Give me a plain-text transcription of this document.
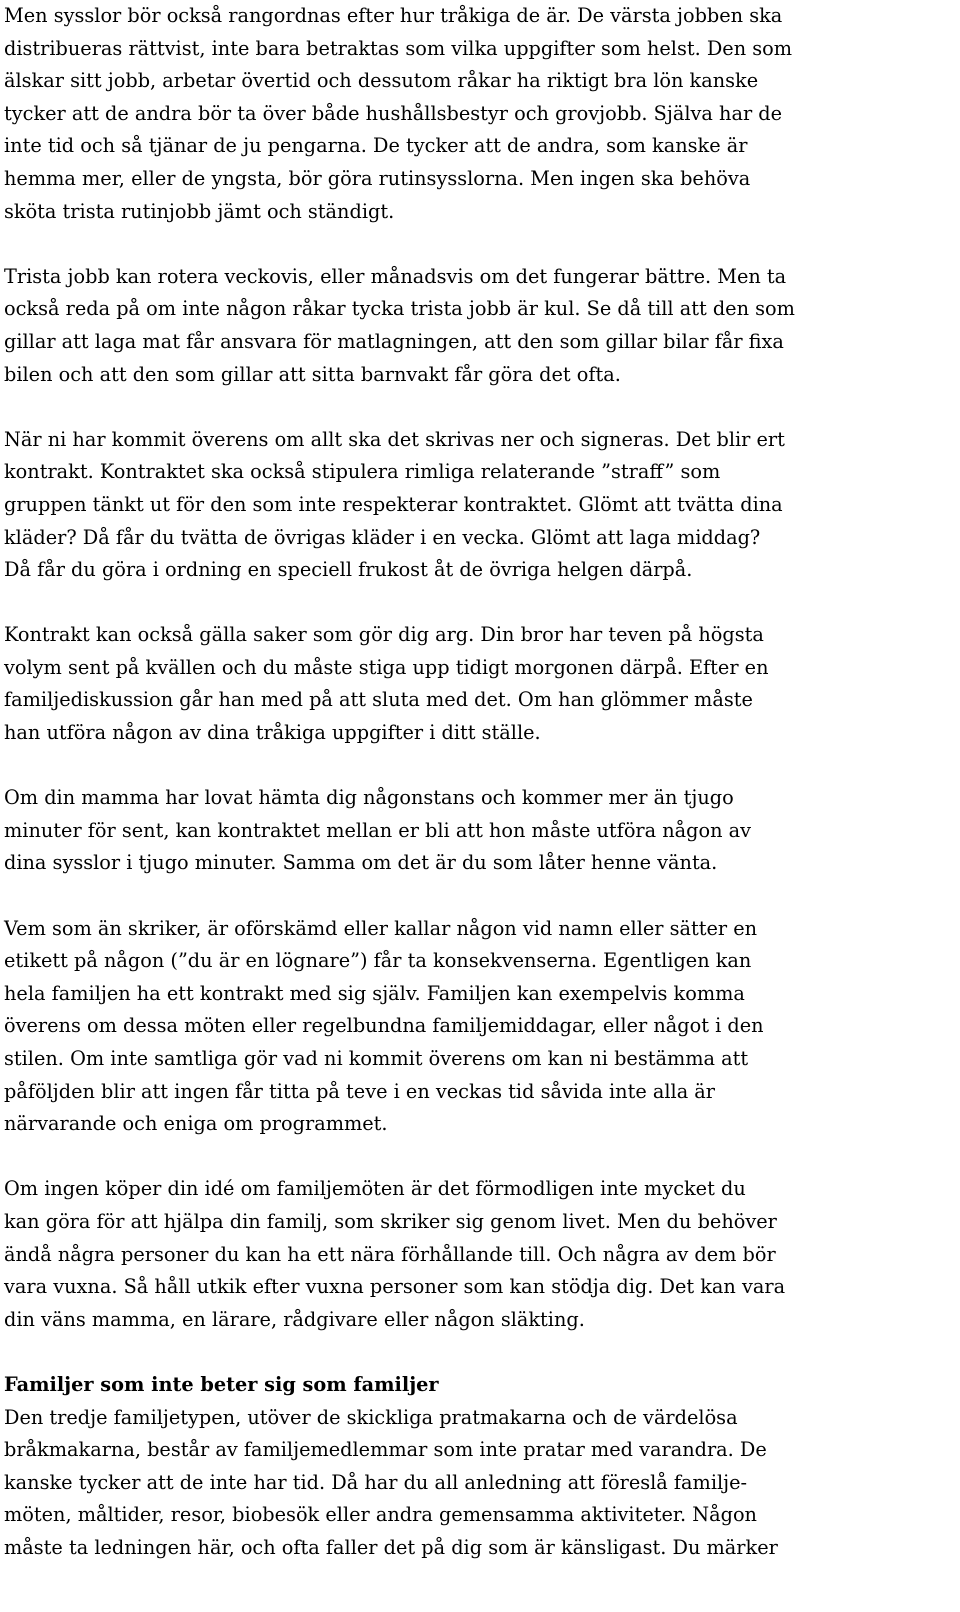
Men sysslor bör också rangordnas efter hur tråkiga de är. De värsta jobben ska
distribueras rättvist, inte bara betraktas som vilka uppgifter som helst. Den som
älskar sitt jobb, arbetar övertid och dessutom råkar ha riktigt bra lön kanske
tycker att de andra bör ta över både hushållsbestyr och grovjobb. Själva har de
inte tid och så tjänar de ju pengarna. De tycker att de andra, som kanske är
hemma mer, eller de yngsta, bör göra rutinsysslorna. Men ingen ska behöva
sköta trista rutinjobb jämt och ständigt.

Trista jobb kan rotera veckovis, eller månadsvis om det fungerar bättre. Men ta
också reda på om inte någon råkar tycka trista jobb är kul. Se då till att den som
gillar att laga mat får ansvara för matlagningen, att den som gillar bilar får fixa
bilen och att den som gillar att sitta barnvakt får göra det ofta.

När ni har kommit överens om allt ska det skrivas ner och signeras. Det blir ert
kontrakt. Kontraktet ska också stipulera rimliga relaterande ”straff” som
gruppen tänkt ut för den som inte respekterar kontraktet. Glömt att tvätta dina
kläder? Då får du tvätta de övrigas kläder i en vecka. Glömt att laga middag?
Då får du göra i ordning en speciell frukost åt de övriga helgen därpå.

Kontrakt kan också gälla saker som gör dig arg. Din bror har teven på högsta
volym sent på kvällen och du måste stiga upp tidigt morgonen därpå. Efter en
familjediskussion går han med på att sluta med det. Om han glömmer måste
han utföra någon av dina tråkiga uppgifter i ditt ställe.

Om din mamma har lovat hämta dig någonstans och kommer mer än tjugo
minuter för sent, kan kontraktet mellan er bli att hon måste utföra någon av
dina sysslor i tjugo minuter. Samma om det är du som låter henne vänta.

Vem som än skriker, är oförskämd eller kallar någon vid namn eller sätter en
etikett på någon (”du är en lögnare”) får ta konsekvenserna. Egentligen kan
hela familjen ha ett kontrakt med sig själv. Familjen kan exempelvis komma
överens om dessa möten eller regelbundna familjemiddagar, eller något i den
stilen. Om inte samtliga gör vad ni kommit överens om kan ni bestämma att
påföljden blir att ingen får titta på teve i en veckas tid såvida inte alla är
närvarande och eniga om programmet.

Om ingen köper din idé om familjemöten är det förmodligen inte mycket du
kan göra för att hjälpa din familj, som skriker sig genom livet. Men du behöver
ändå några personer du kan ha ett nära förhållande till. Och några av dem bör
vara vuxna. Så håll utkik efter vuxna personer som kan stödja dig. Det kan vara
din väns mamma, en lärare, rådgivare eller någon släkting.

Familjer som inte beter sig som familjer

Den tredje familjetypen, utöver de skickliga pratmakarna och de värdelösa
bråkmakarna, består av familjemedlemmar som inte pratar med varandra. De
kanske tycker att de inte har tid. Då har du all anledning att föreslå familje-
möten, måltider, resor, biobesök eller andra gemensamma aktiviteter. Någon
måste ta ledningen här, och ofta faller det på dig som är känsligast. Du märker
